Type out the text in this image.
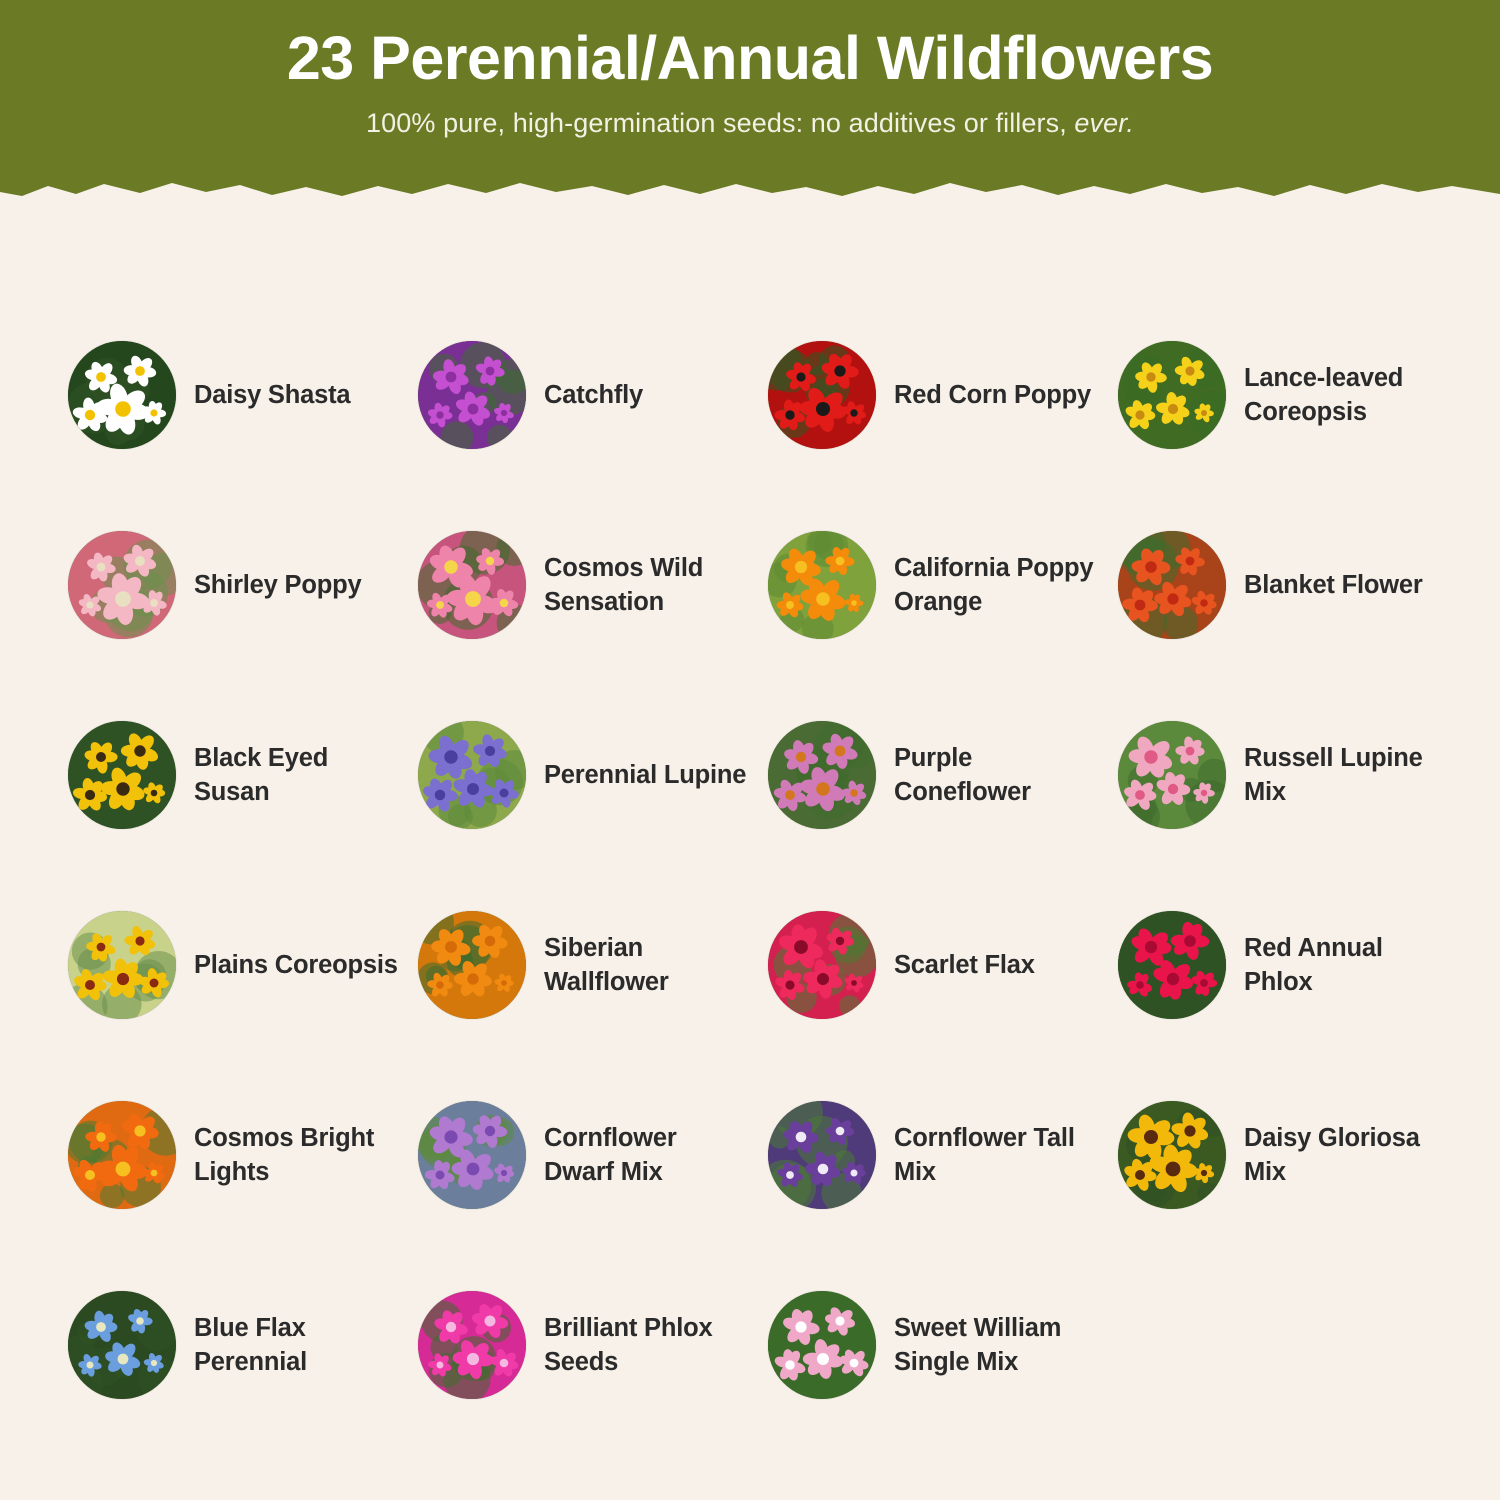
23 Perennial/Annual Wildflowers
100% pure, high-germination seeds: no additives or fillers, ever.
Daisy Shasta	Catchfly	Red Corn Poppy
Lance-leaved Coreopsis
Shirley Poppy
Cosmos Wild Sensation
California Poppy Orange
Blanket Flower
Black Eyed Susan
Perennial Lupine
Purple Coneflower
Russell Lupine Mix
Plains Coreopsis
Siberian Wallflower
Scarlet Flax
Red Annual Phlox
Cosmos Bright Lights
Cornflower Dwarf Mix
Cornflower Tall Mix
Daisy Gloriosa Mix
Blue Flax Perennial
Brilliant Phlox Seeds
Sweet William Single Mix
